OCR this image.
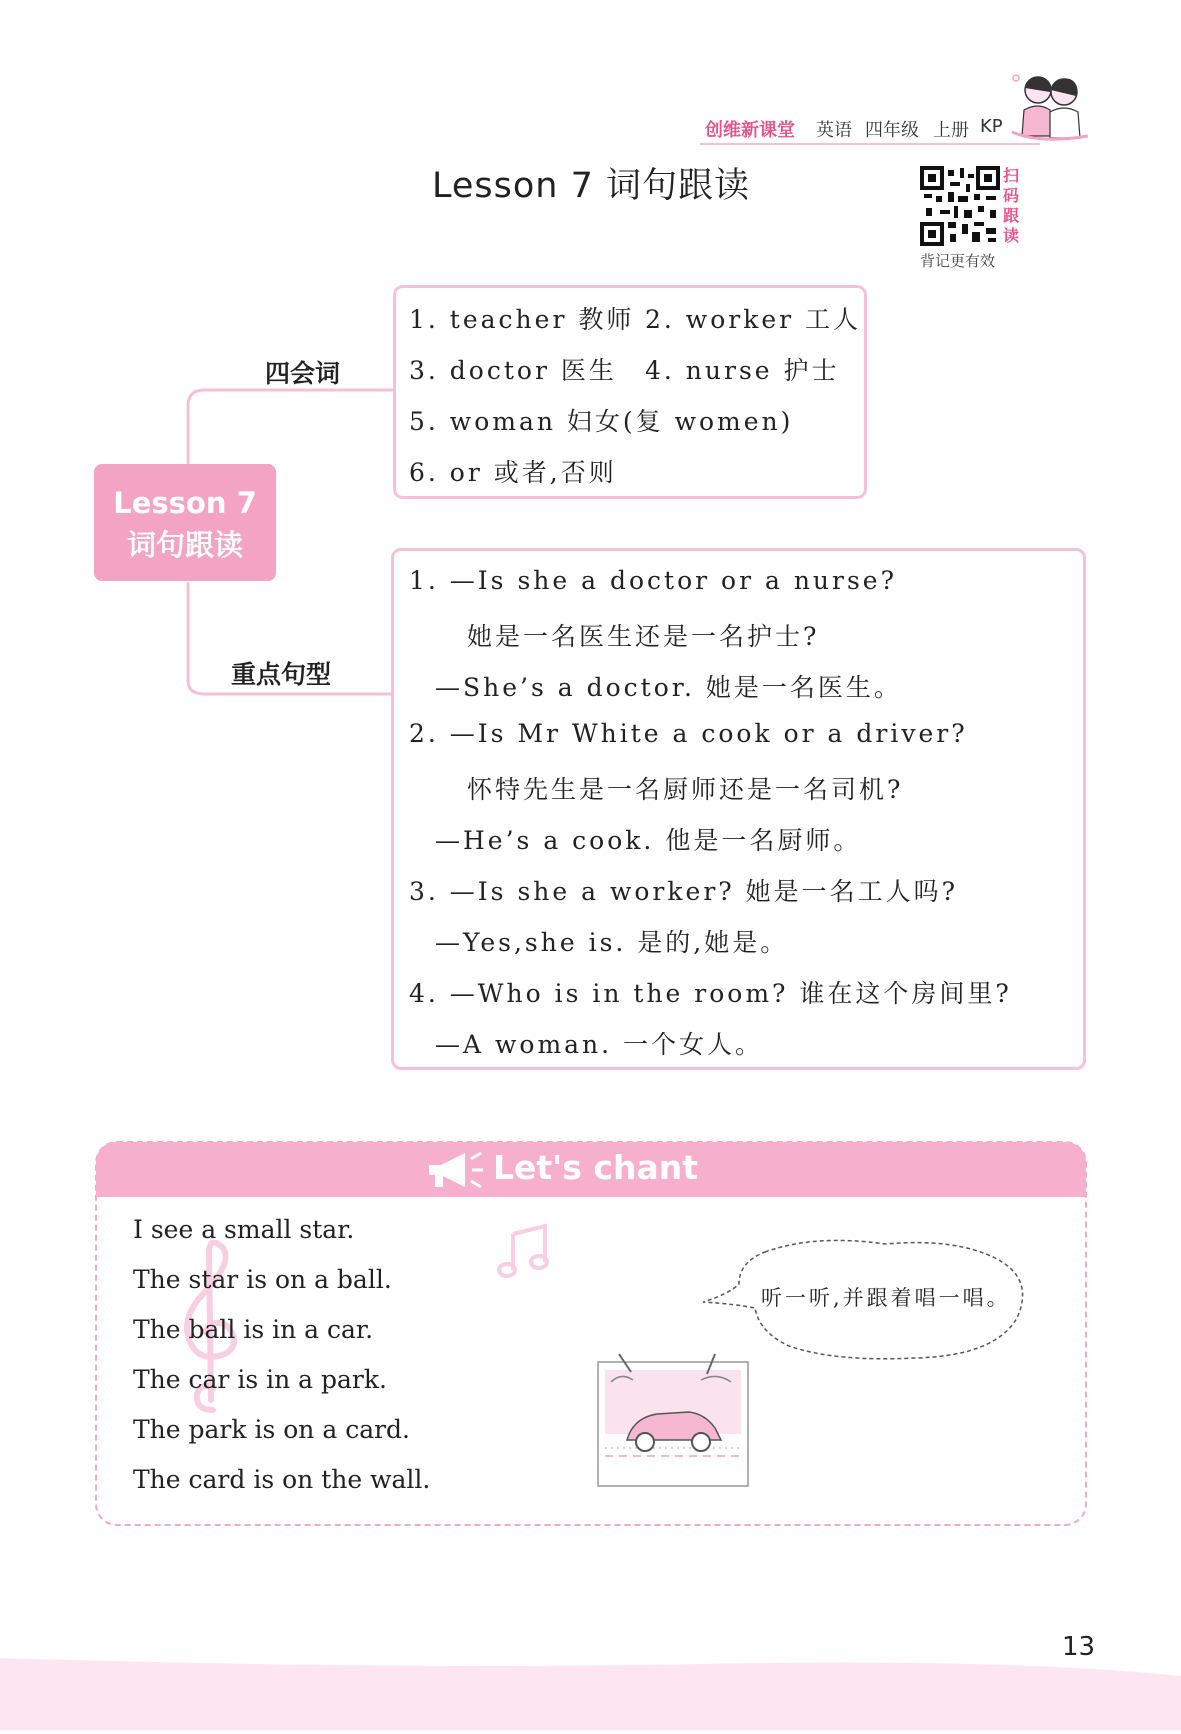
创维新课堂 英语 四年级 上册 KP
Lesson 7 词句跟读	扫
码
跟
读
背记更有效
Lesson 7
词句跟读
四会词
重点句型
1. teacher 教师 2. worker 工人
3. doctor 医生 4. nurse 护士
5. woman 妇女(复 women)
6. or 或者,否则
1. —Is she a doctor or a nurse?
她是一名医生还是一名护士?
—She’s a doctor. 她是一名医生。
2. —Is Mr White a cook or a driver?
怀特先生是一名厨师还是一名司机?
—He’s a cook. 他是一名厨师。
3. —Is she a worker? 她是一名工人吗?
—Yes,she is. 是的,她是。
4. —Who is in the room? 谁在这个房间里?
—A woman. 一个女人。
Let's chant
I see a small star.
The star is on a ball.
The ball is in a car.
The car is in a park.
The park is on a card.
The card is on the wall.
听一听,并跟着唱一唱。
13
